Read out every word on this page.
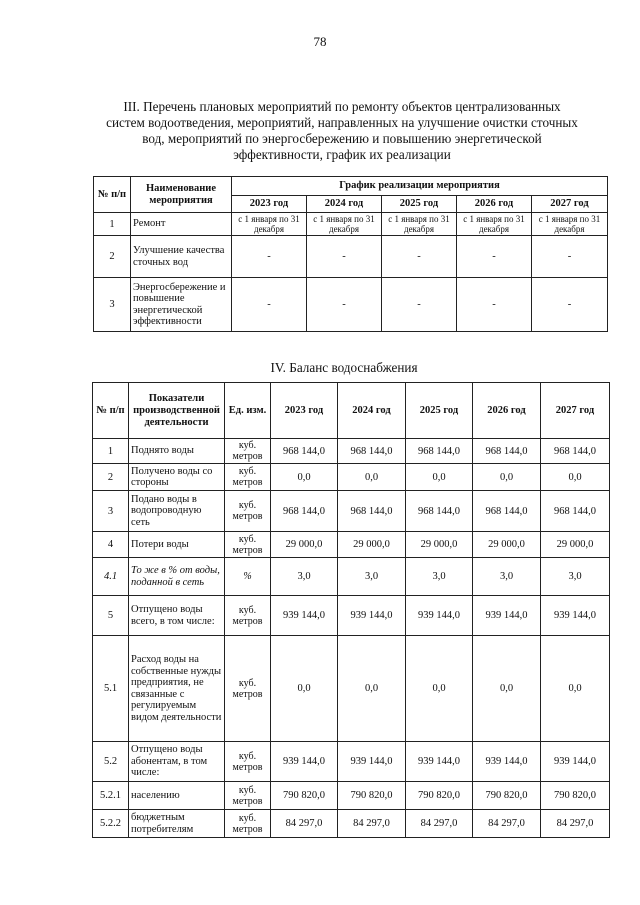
78
III. Перечень плановых мероприятий по ремонту объектов централизованных
систем водоотведения, мероприятий, направленных на улучшение очистки сточных
вод, мероприятий по энергосбережению и повышению энергетической
эффективности, график их реализации
№ п/п	Наименование мероприятия	График реализации мероприятия				
		2023 год	2024 год	2025 год	2026 год	2027 год
1	Ремонт	с 1 января по 31 декабря	с 1 января по 31 декабря	с 1 января по 31 декабря	с 1 января по 31 декабря	с 1 января по 31 декабря
2	Улучшение качества сточных вод	-	-	-	-	-
3	Энергосбережение и повышение энергетической эффективности	-	-	-	-	-
IV. Баланс водоснабжения
№ п/п	Показатели производственной деятельности	Ед. изм.	2023 год	2024 год	2025 год	2026 год	2027 год
1	Поднято воды	куб. метров	968 144,0	968 144,0	968 144,0	968 144,0	968 144,0
2	Получено воды со стороны	куб. метров	0,0	0,0	0,0	0,0	0,0
3	Подано воды в водопроводную сеть	куб. метров	968 144,0	968 144,0	968 144,0	968 144,0	968 144,0
4	Потери воды	куб. метров	29 000,0	29 000,0	29 000,0	29 000,0	29 000,0
4.1	То же в % от воды, поданной в сеть	%	3,0	3,0	3,0	3,0	3,0
5	Отпущено воды всего, в том числе:	куб. метров	939 144,0	939 144,0	939 144,0	939 144,0	939 144,0
5.1	Расход воды на собственные нужды предприятия, не связанные с регулируемым видом деятельности	куб. метров	0,0	0,0	0,0	0,0	0,0
5.2	Отпущено воды абонентам, в том числе:	куб. метров	939 144,0	939 144,0	939 144,0	939 144,0	939 144,0
5.2.1	населению	куб. метров	790 820,0	790 820,0	790 820,0	790 820,0	790 820,0
5.2.2	бюджетным потребителям	куб. метров	84 297,0	84 297,0	84 297,0	84 297,0	84 297,0
